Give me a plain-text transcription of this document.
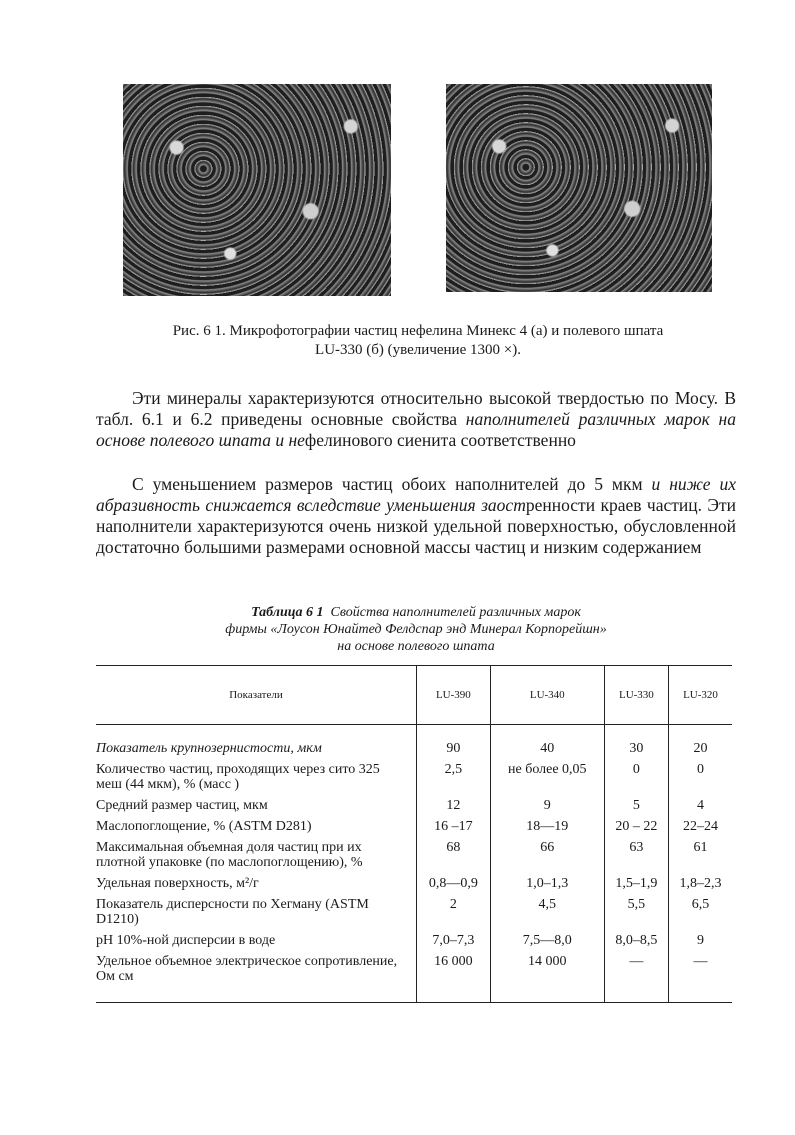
Рис. 6 1. Микрофотографии частиц нефелина Минекс 4 (а) и полевого шпата
LU-330 (б) (увеличение 1300 ×).

Эти минералы характеризуются относительно высокой твердостью по Мосу. В табл. 6.1 и 6.2 приведены основные свойства наполнителей различных марок на основе полевого шпата и нефелинового сиенита соответственно

С уменьшением размеров частиц обоих наполнителей до 5 мкм и ниже их абразивность снижается вследствие уменьшения заостренности краев частиц. Эти наполнители характеризуются очень низкой удельной поверхностью, обусловленной достаточно большими размерами основной массы частиц и низким содержанием

Таблица 6 1 Свойства наполнителей различных марок
фирмы «Лоусон Юнайтед Фелдспар энд Минерал Корпорейшн»
на основе полевого шпата
Показатели	LU-390	LU-340	LU-330	LU-320
Показатель крупнозернистости, мкм	90	40	30	20
Количество частиц, проходящих через сито 325 меш (44 мкм), % (масс )	2,5	не более 0,05	0	0
Средний размер частиц, мкм	12	9	5	4
Маслопоглощение, % (ASTM D281)	16 –17	18—19	20 – 22	22–24
Максимальная объемная доля частиц при их плотной упаковке (по маслопоглощению), %	68	66	63	61
Удельная поверхность, м²/г	0,8—0,9	1,0–1,3	1,5–1,9	1,8–2,3
Показатель дисперсности по Хегману (ASTM D1210)	2	4,5	5,5	6,5
pH 10%-ной дисперсии в воде	7,0–7,3	7,5—8,0	8,0–8,5	9
Удельное объемное электрическое сопротивление, Ом см	16 000	14 000	—	—
